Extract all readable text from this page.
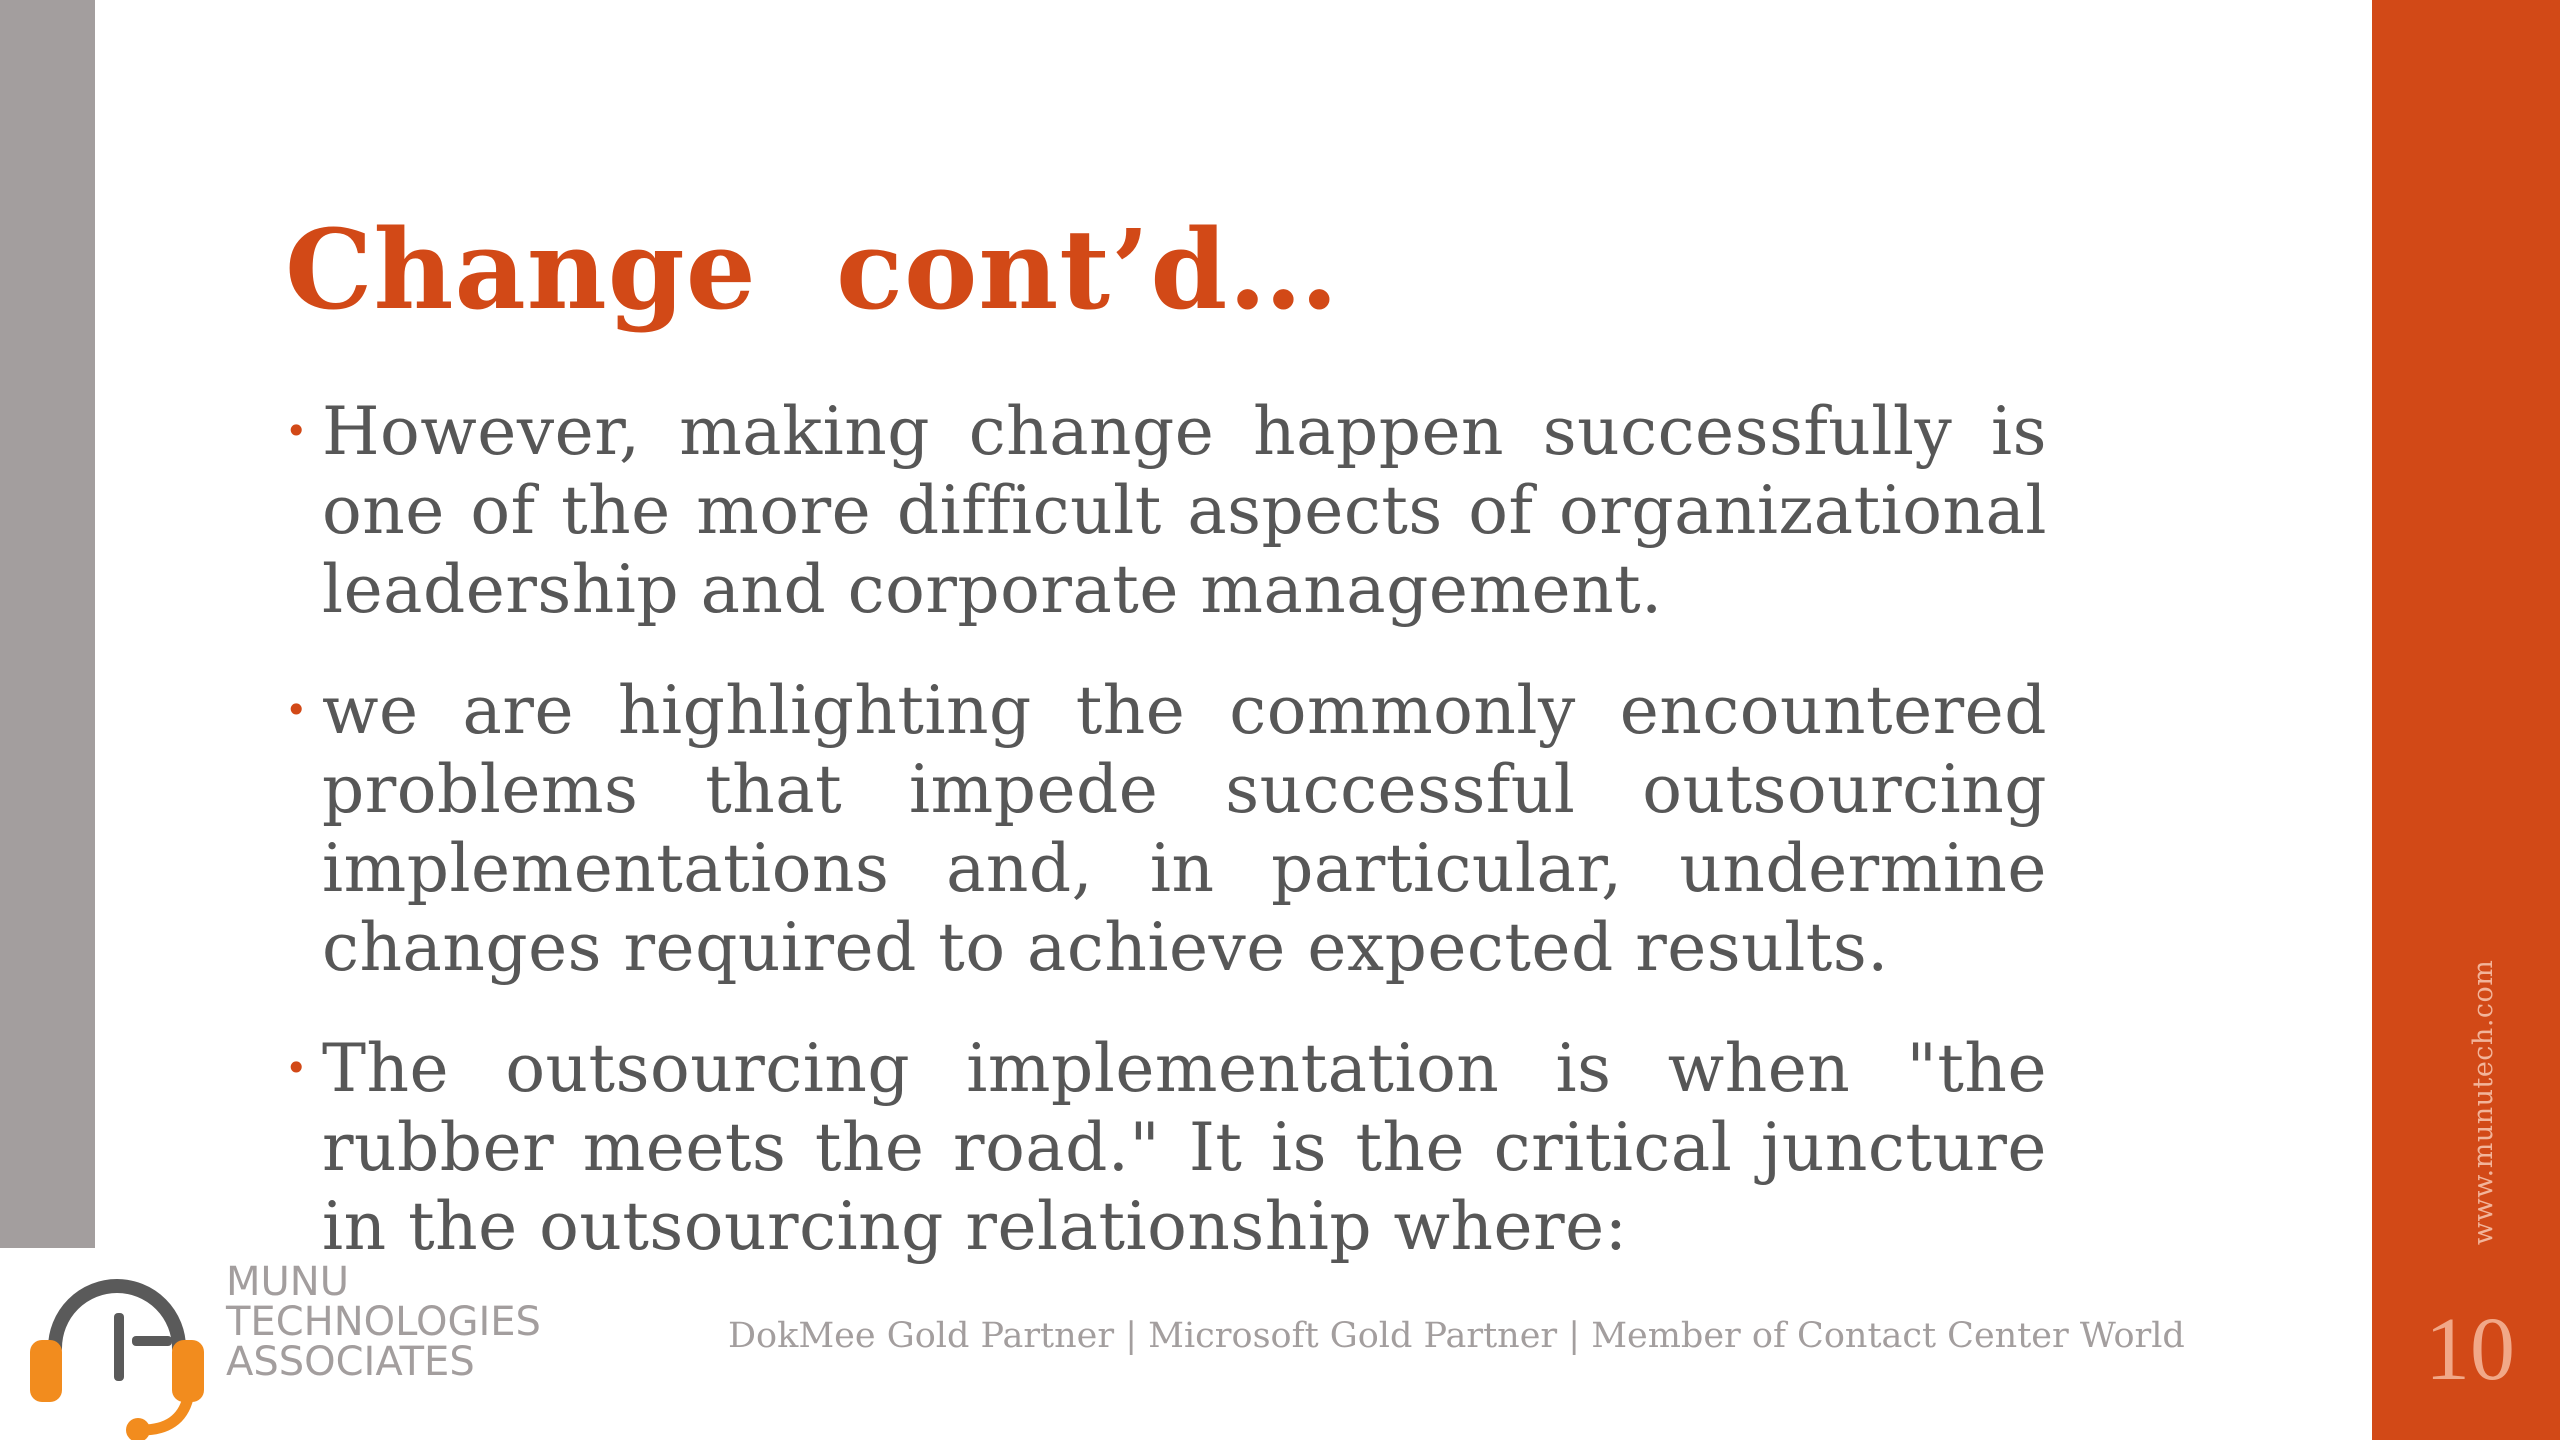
www.munutech.com
10
Change cont’d…
• However, making change happen successfully is one of the more difficult aspects of organizational leadership and corporate management.
• we are highlighting the commonly encountered problems that impede successful outsourcing implementations and, in particular, undermine changes required to achieve expected results.
• The outsourcing implementation is when "the rubber meets the road." It is the critical juncture in the outsourcing relationship where:
MUNU
TECHNOLOGIES
ASSOCIATES
DokMee Gold Partner | Microsoft Gold Partner | Member of Contact Center World
